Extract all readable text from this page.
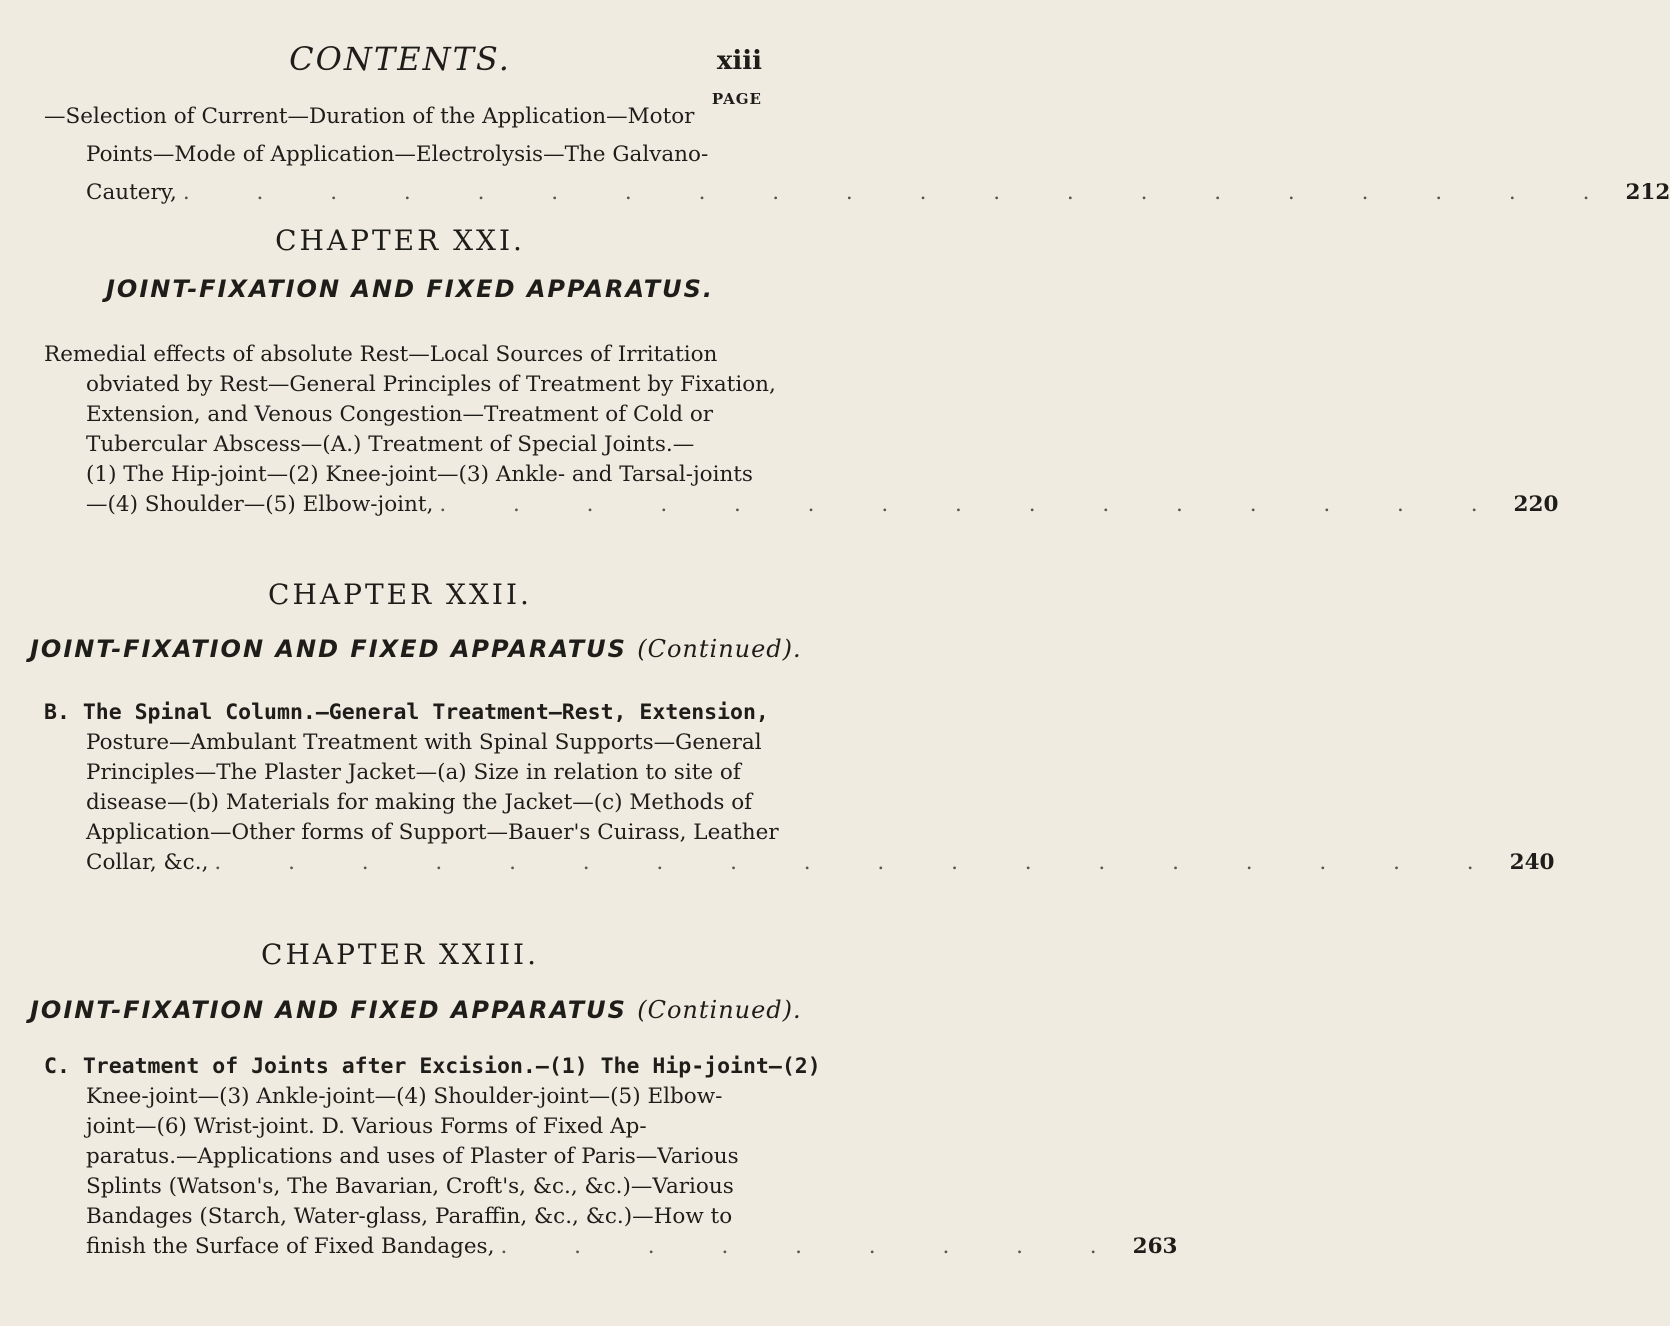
CONTENTS.	xiii
PAGE
—Selection of Current—Duration of the Application—Motor
Points—Mode of Application—Electrolysis—The Galvano-
Cautery, . . . . . . . . . . . . . . . . . . . . 212
CHAPTER XXI.
JOINT-FIXATION AND FIXED APPARATUS.
Remedial effects of absolute Rest—Local Sources of Irritation
obviated by Rest—General Principles of Treatment by Fixation,
Extension, and Venous Congestion—Treatment of Cold or
Tubercular Abscess—(A.) Treatment of Special Joints.—
(1) The Hip-joint—(2) Knee-joint—(3) Ankle- and Tarsal-joints
—(4) Shoulder—(5) Elbow-joint, . . . . . . . . . . . . . . . 220
CHAPTER XXII.
JOINT-FIXATION AND FIXED APPARATUS (Continued).
B. The Spinal Column.—General Treatment—Rest, Extension,
Posture—Ambulant Treatment with Spinal Supports—General
Principles—The Plaster Jacket—(a) Size in relation to site of
disease—(b) Materials for making the Jacket—(c) Methods of
Application—Other forms of Support—Bauer's Cuirass, Leather
Collar, &c., . . . . . . . . . . . . . . . . . . 240
CHAPTER XXIII.
JOINT-FIXATION AND FIXED APPARATUS (Continued).
C. Treatment of Joints after Excision.—(1) The Hip-joint—(2)
Knee-joint—(3) Ankle-joint—(4) Shoulder-joint—(5) Elbow-
joint—(6) Wrist-joint. D. Various Forms of Fixed Ap-
paratus.—Applications and uses of Plaster of Paris—Various
Splints (Watson's, The Bavarian, Croft's, &c., &c.)—Various
Bandages (Starch, Water-glass, Paraffin, &c., &c.)—How to
finish the Surface of Fixed Bandages, . . . . . . . . . 263
